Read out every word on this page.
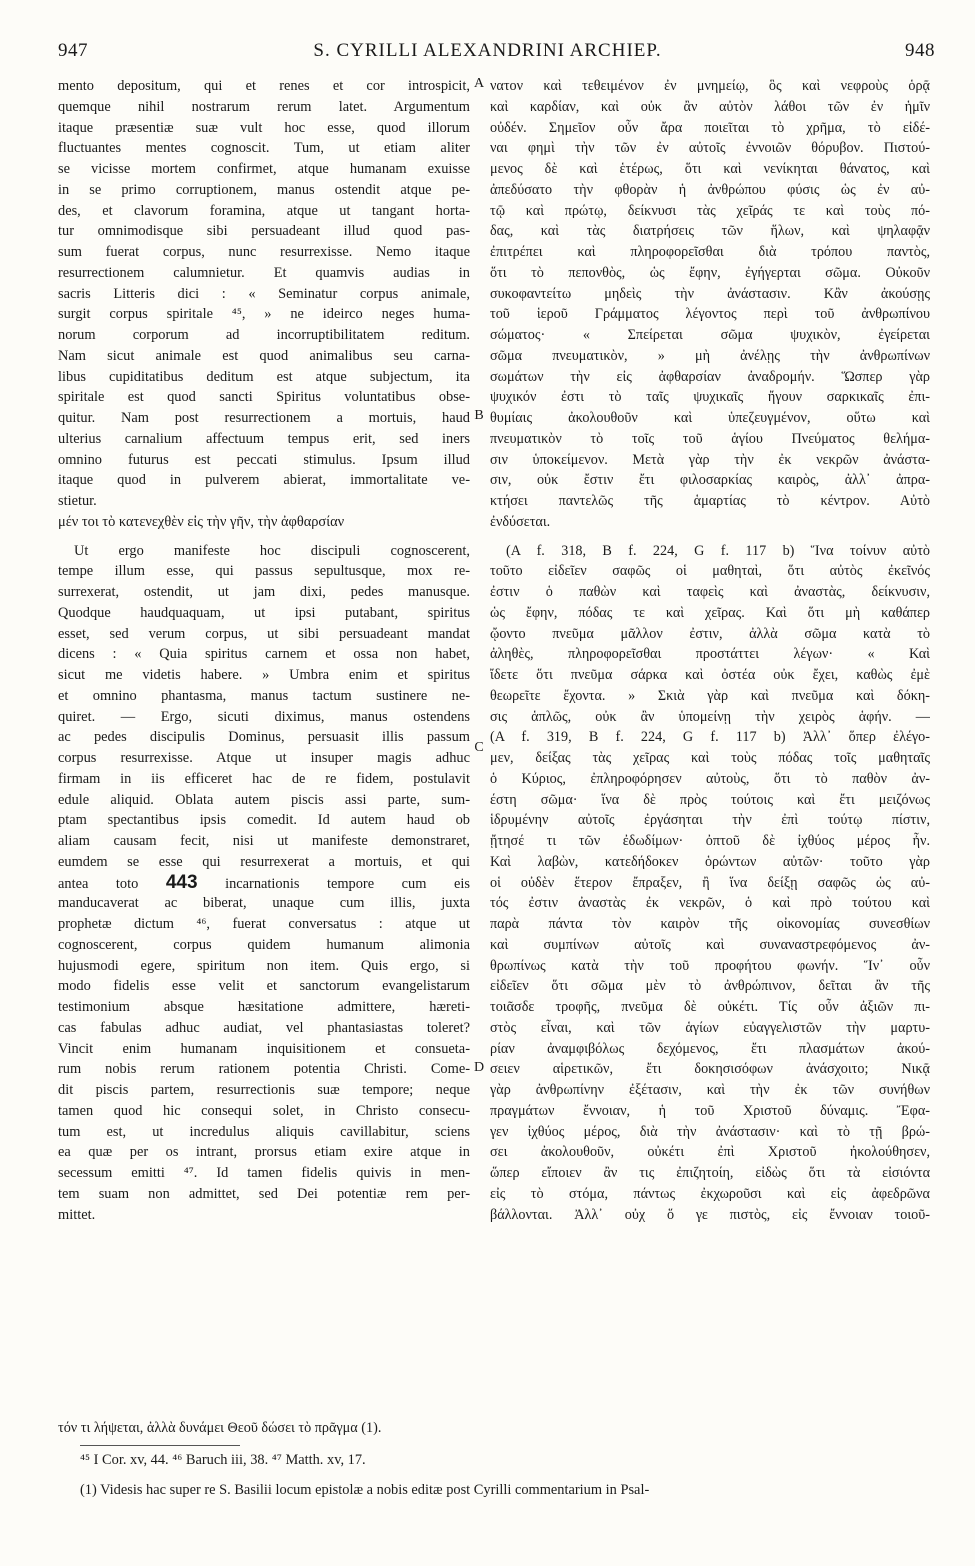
947	S. CYRILLI ALEXANDRINI ARCHIEP.	948
A
B
C
D
mento depositum, qui et renes et cor introspicit,
quemque nihil nostrarum rerum latet. Argumentum
itaque præsentiæ suæ vult hoc esse, quod illorum
fluctuantes mentes cognoscit. Tum, ut etiam aliter
se vicisse mortem confirmet, atque humanam exuisse
in se primo corruptionem, manus ostendit atque pe-
des, et clavorum foramina, atque ut tangant horta-
tur omnimodisque sibi persuadeant illud quod pas-
sum fuerat corpus, nunc resurrexisse. Nemo itaque
resurrectionem calumnietur. Et quamvis audias in
sacris Litteris dici : « Seminatur corpus animale,
surgit corpus spiritale ⁴⁵, » ne ideirco neges huma-
norum corporum ad incorruptibilitatem reditum.
Nam sicut animale est quod animalibus seu carna-
libus cupiditatibus deditum est atque subjectum, ita
spiritale est quod sancti Spiritus voluntatibus obse-
quitur. Nam post resurrectionem a mortuis, haud
ulterius carnalium affectuum tempus erit, sed iners
omnino futurus est peccati stimulus. Ipsum illud
itaque quod in pulverem abierat, immortalitate ve-
stietur.
μέν τοι τὸ κατενεχθὲν εἰς τὴν γῆν, τὴν ἀφθαρσίαν
Ut ergo manifeste hoc discipuli cognoscerent,
tempe illum esse, qui passus sepultusque, mox re-
surrexerat, ostendit, ut jam dixi, pedes manusque.
Quodque haudquaquam, ut ipsi putabant, spiritus
esset, sed verum corpus, ut sibi persuadeant mandat
dicens : « Quia spiritus carnem et ossa non habet,
sicut me videtis habere. » Umbra enim et spiritus
et omnino phantasma, manus tactum sustinere ne-
quiret. — Ergo, sicuti diximus, manus ostendens
ac pedes discipulis Dominus, persuasit illis passum
corpus resurrexisse. Atque ut insuper magis adhuc
firmam in iis efficeret hac de re fidem, postulavit
edule aliquid. Oblata autem piscis assi parte, sum-
ptam spectantibus ipsis comedit. Id autem haud ob
aliam causam fecit, nisi ut manifeste demonstraret,
eumdem se esse qui resurrexerat a mortuis, et qui
antea toto 443 incarnationis tempore cum eis
manducaverat ac biberat, unaque cum illis, juxta
prophetæ dictum ⁴⁶, fuerat conversatus : atque ut
cognoscerent, corpus quidem humanum alimonia
hujusmodi egere, spiritum non item. Quis ergo, si
modo fidelis esse velit et sanctorum evangelistarum
testimonium absque hæsitatione admittere, hæreti-
cas fabulas adhuc audiat, vel phantasiastas toleret?
Vincit enim humanam inquisitionem et consueta-
rum nobis rerum rationem potentia Christi. Come-
dit piscis partem, resurrectionis suæ tempore; neque
tamen quod hic consequi solet, in Christo consecu-
tum est, ut incredulus aliquis cavillabitur, sciens
ea quæ per os intrant, prorsus etiam exire atque in
secessum emitti ⁴⁷. Id tamen fidelis quivis in men-
tem suam non admittet, sed Dei potentiæ rem per-
mittet.
νατον καὶ τεθειμένον ἐν μνημείῳ, ὃς καὶ νεφροὺς ὁρᾷ
καὶ καρδίαν, καὶ οὐκ ἂν αὐτὸν λάθοι τῶν ἐν ἡμῖν
οὐδέν. Σημεῖον οὖν ἄρα ποιεῖται τὸ χρῆμα, τὸ εἰδέ-
ναι φημὶ τὴν τῶν ἐν αὐτοῖς ἐννοιῶν θόρυβον. Πιστού-
μενος δὲ καὶ ἑτέρως, ὅτι καὶ νενίκηται θάνατος, καὶ
ἀπεδύσατο τὴν φθορὰν ἡ ἀνθρώπου φύσις ὡς ἐν αὐ-
τῷ καὶ πρώτῳ, δείκνυσι τὰς χεῖράς τε καὶ τοὺς πό-
δας, καὶ τὰς διατρήσεις τῶν ἥλων, καὶ ψηλαφᾷν
ἐπιτρέπει καὶ πληροφορεῖσθαι διὰ τρόπου παντὸς,
ὅτι τὸ πεπονθὸς, ὡς ἔφην, ἐγήγερται σῶμα. Οὐκοῦν
συκοφαντείτω μηδεὶς τὴν ἀνάστασιν. Κἂν ἀκούσῃς
τοῦ ἱεροῦ Γράμματος λέγοντος περὶ τοῦ ἀνθρωπίνου
σώματος· « Σπείρεται σῶμα ψυχικὸν, ἐγείρεται
σῶμα πνευματικὸν, » μὴ ἀνέλῃς τὴν ἀνθρωπίνων
σωμάτων τὴν εἰς ἀφθαρσίαν ἀναδρομήν. Ὥσπερ γὰρ
ψυχικόν ἐστι τὸ ταῖς ψυχικαῖς ἤγουν σαρκικαῖς ἐπι-
θυμίαις ἀκολουθοῦν καὶ ὑπεζευγμένον, οὕτω καὶ
πνευματικὸν τὸ τοῖς τοῦ ἁγίου Πνεύματος θελήμα-
σιν ὑποκείμενον. Μετὰ γὰρ τὴν ἐκ νεκρῶν ἀνάστα-
σιν, οὐκ ἔστιν ἔτι φιλοσαρκίας καιρὸς, ἀλλ᾽ ἀπρα-
κτήσει παντελῶς τῆς ἁμαρτίας τὸ κέντρον. Αὐτὸ
ἐνδύσεται.
(A f. 318, B f. 224, G f. 117 b) Ἵνα τοίνυν αὐτὸ
τοῦτο εἰδεῖεν σαφῶς οἱ μαθηταὶ, ὅτι αὐτὸς ἐκεῖνός
ἐστιν ὁ παθὼν καὶ ταφεὶς καὶ ἀναστὰς, δείκνυσιν,
ὡς ἔφην, πόδας τε καὶ χεῖρας. Καὶ ὅτι μὴ καθάπερ
ᾤοντο πνεῦμα μᾶλλον ἐστιν, ἀλλὰ σῶμα κατὰ τὸ
ἀληθὲς, πληροφορεῖσθαι προστάττει λέγων· « Καὶ
ἴδετε ὅτι πνεῦμα σάρκα καὶ ὀστέα οὐκ ἔχει, καθὼς ἐμὲ
θεωρεῖτε ἔχοντα. » Σκιὰ γὰρ καὶ πνεῦμα καὶ δόκη-
σις ἁπλῶς, οὐκ ἂν ὑπομείνῃ τὴν χειρὸς ἁφήν. —
(A f. 319, B f. 224, G f. 117 b) Ἀλλ᾽ ὅπερ ἐλέγο-
μεν, δείξας τὰς χεῖρας καὶ τοὺς πόδας τοῖς μαθηταῖς
ὁ Κύριος, ἐπληροφόρησεν αὐτοὺς, ὅτι τὸ παθὸν ἀν-
έστη σῶμα· ἵνα δὲ πρὸς τούτοις καὶ ἔτι μειζόνως
ἱδρυμένην αὐτοῖς ἐργάσηται τὴν ἐπὶ τούτῳ πίστιν,
ᾔτησέ τι τῶν ἐδωδίμων· ὀπτοῦ δὲ ἰχθύος μέρος ἦν.
Καὶ λαβὼν, κατεδήδοκεν ὁρώντων αὐτῶν· τοῦτο γὰρ
οἱ οὐδὲν ἕτερον ἔπραξεν, ἢ ἵνα δείξῃ σαφῶς ὡς αὐ-
τός ἐστιν ἀναστὰς ἐκ νεκρῶν, ὁ καὶ πρὸ τούτου καὶ
παρὰ πάντα τὸν καιρὸν τῆς οἰκονομίας συνεσθίων
καὶ συμπίνων αὐτοῖς καὶ συναναστρεφόμενος ἀν-
θρωπίνως κατὰ τὴν τοῦ προφήτου φωνήν. Ἵν᾽ οὖν
εἰδεῖεν ὅτι σῶμα μὲν τὸ ἀνθρώπινον, δεῖται ἂν τῆς
τοιᾶσδε τροφῆς, πνεῦμα δὲ οὐκέτι. Τίς οὖν ἀξιῶν πι-
στὸς εἶναι, καὶ τῶν ἁγίων εὐαγγελιστῶν τὴν μαρτυ-
ρίαν ἀναμφιβόλως δεχόμενος, ἔτι πλασμάτων ἀκού-
σειεν αἱρετικῶν, ἔτι δοκησισόφων ἀνάσχοιτο; Νικᾷ
γὰρ ἀνθρωπίνην ἐξέτασιν, καὶ τὴν ἐκ τῶν συνήθων
πραγμάτων ἔννοιαν, ἡ τοῦ Χριστοῦ δύναμις. Ἔφα-
γεν ἰχθύος μέρος, διὰ τὴν ἀνάστασιν· καὶ τὸ τῇ βρώ-
σει ἀκολουθοῦν, οὐκέτι ἐπὶ Χριστοῦ ἠκολούθησεν,
ὥπερ εἴποιεν ἂν τις ἐπιζητοίη, εἰδὼς ὅτι τὰ εἰσιόντα
εἰς τὸ στόμα, πάντως ἐκχωροῦσι καὶ εἰς ἀφεδρῶνα
βάλλονται. Ἀλλ᾽ οὐχ ὅ γε πιστὸς, εἰς ἔννοιαν τοιοῦ-
τόν τι λήψεται, ἀλλὰ δυνάμει Θεοῦ δώσει τὸ πρᾶγμα (1).
⁴⁵ I Cor. xv, 44. ⁴⁶ Baruch iii, 38. ⁴⁷ Matth. xv, 17.
(1) Videsis hac super re S. Basilii locum epistolæ a nobis editæ post Cyrilli commentarium in Psal-
